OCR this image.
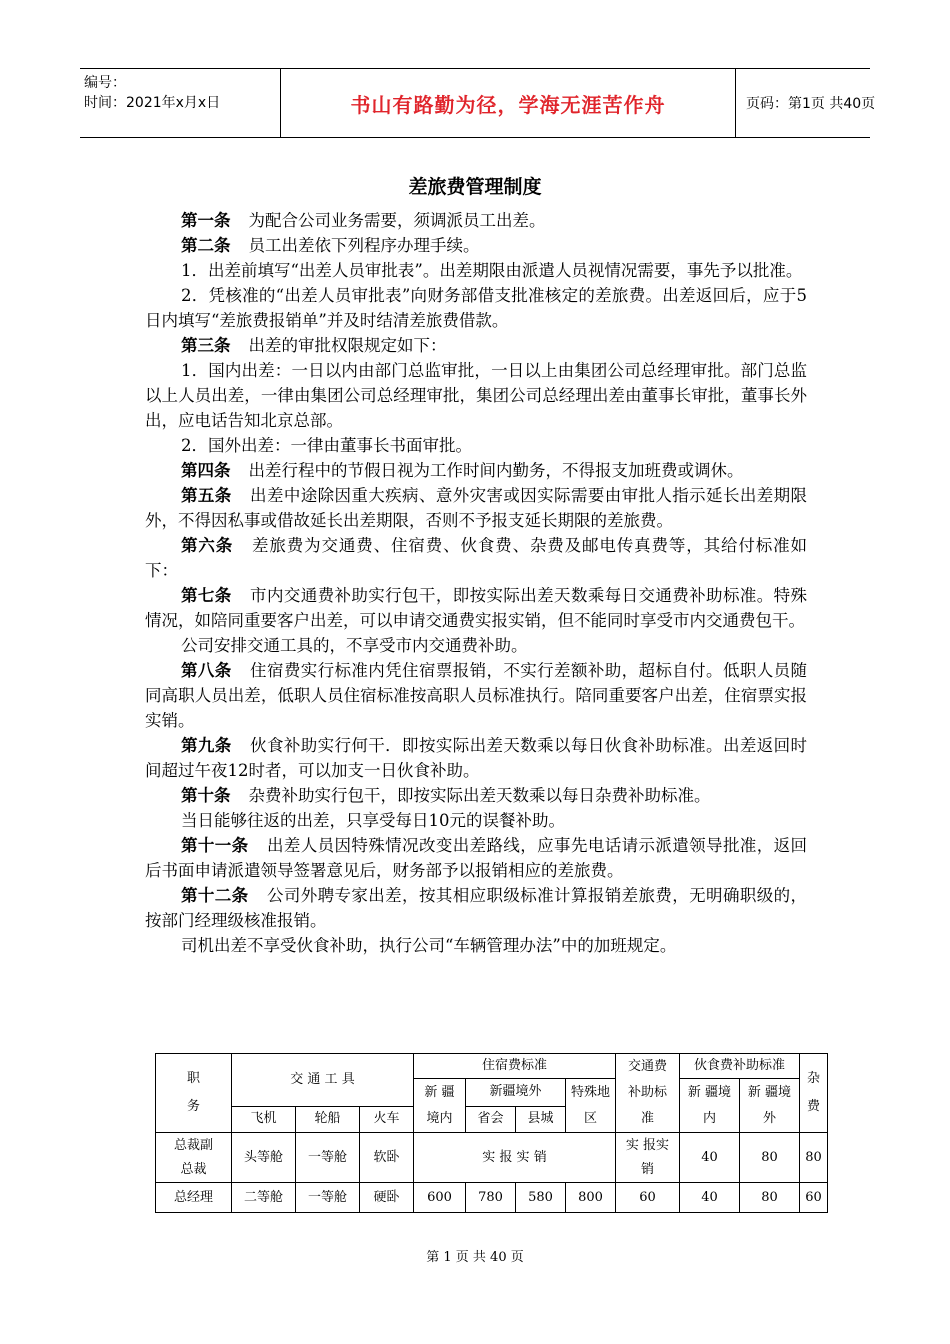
编号：
时间：2021年x月x日	书山有路勤为径，学海无涯苦作舟	页码：第1页 共40页
差旅费管理制度

第一条 为配合公司业务需要，须调派员工出差。

第二条 员工出差依下列程序办理手续。

1．出差前填写“出差人员审批表”。出差期限由派遣人员视情况需要，事先予以批准。

2．凭核准的“出差人员审批表”向财务部借支批准核定的差旅费。出差返回后，应于5日内填写“差旅费报销单”并及时结清差旅费借款。

第三条 出差的审批权限规定如下：

1．国内出差：一日以内由部门总监审批，一日以上由集团公司总经理审批。部门总监以上人员出差，一律由集团公司总经理审批，集团公司总经理出差由董事长审批，董事长外出，应电话告知北京总部。

2．国外出差：一律由董事长书面审批。

第四条 出差行程中的节假日视为工作时间内勤务，不得报支加班费或调休。

第五条 出差中途除因重大疾病、意外灾害或因实际需要由审批人指示延长出差期限外，不得因私事或借故延长出差期限，否则不予报支延长期限的差旅费。

第六条 差旅费为交通费、住宿费、伙食费、杂费及邮电传真费等，其给付标准如下：

第七条 市内交通费补助实行包干，即按实际出差天数乘每日交通费补助标准。特殊情况，如陪同重要客户出差，可以申请交通费实报实销，但不能同时享受市内交通费包干。

公司安排交通工具的，不享受市内交通费补助。

第八条 住宿费实行标准内凭住宿票报销，不实行差额补助，超标自付。低职人员随同高职人员出差，低职人员住宿标准按高职人员标准执行。陪同重要客户出差，住宿票实报实销。

第九条 伙食补助实行何干．即按实际出差天数乘以每日伙食补助标准。出差返回时间超过午夜12时者，可以加支一日伙食补助。

第十条 杂费补助实行包干，即按实际出差天数乘以每日杂费补助标准。

当日能够往返的出差，只享受每日10元的误餐补助。

第十一条 出差人员因特殊情况改变出差路线，应事先电话请示派遣领导批准，返回后书面申请派遣领导签署意见后，财务部予以报销相应的差旅费。

第十二条 公司外聘专家出差，按其相应职级标准计算报销差旅费，无明确职级的，按部门经理级核准报销。

司机出差不享受伙食补助，执行公司“车辆管理办法”中的加班规定。

职务	交 通 工 具			住宿费标准				交通费补助标准	伙食费补助标准		杂费

				新 疆境内	新疆境外		特殊地 区		新 疆境内	新 疆境外	

	飞机	轮船	火车		省会	县城					

总裁副总裁	头等舱	一等舱	软卧	实 报 实 销				实 报实 销	40	80	80
总经理	二等舱	一等舱	硬卧	600	780	580	800	60	40	80	60
第 1 页 共 40 页
